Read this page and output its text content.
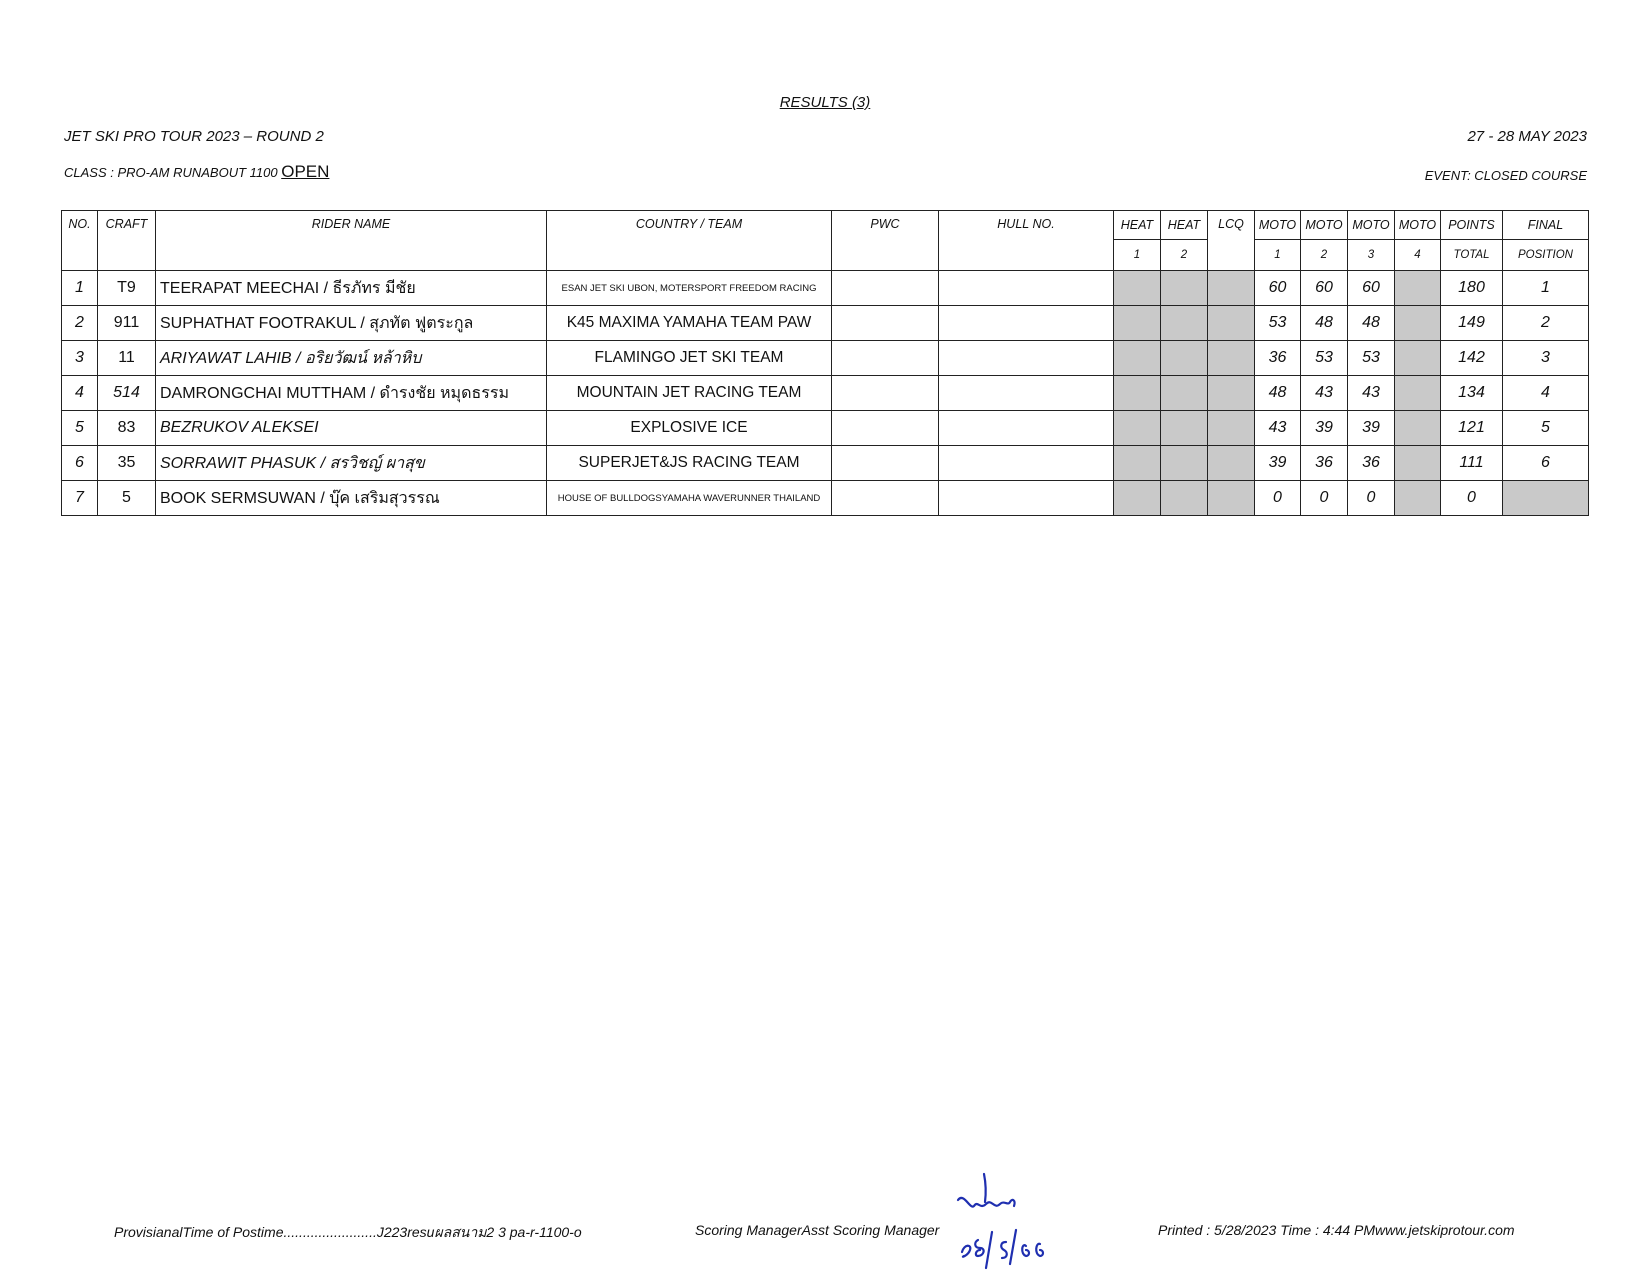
RESULTS (3)
JET SKI PRO TOUR 2023 – ROUND 2	27 - 28 MAY 2023
CLASS : PRO-AM RUNABOUT 1100 OPEN	EVENT: CLOSED COURSE
NO.	CRAFT	RIDER NAME	COUNTRY / TEAM	PWC	HULL NO.	HEAT	HEAT	LCQ	MOTO	MOTO	MOTO	MOTO	POINTS	FINAL
						1	2		1	2	3	4	TOTAL	POSITION
1	T9	TEERAPAT MEECHAI / ธีรภัทร มีชัย	ESAN JET SKI UBON, MOTERSPORT FREEDOM RACING						60	60	60		180	1
2	911	SUPHATHAT FOOTRAKUL / สุภทัต ฟูตระกูล	K45 MAXIMA YAMAHA TEAM PAW						53	48	48		149	2
3	11	ARIYAWAT LAHIB / อริยวัฒน์ หล้าหิบ	FLAMINGO JET SKI TEAM						36	53	53		142	3
4	514	DAMRONGCHAI MUTTHAM / ดำรงชัย หมุดธรรม	MOUNTAIN JET RACING TEAM						48	43	43		134	4
5	83	BEZRUKOV ALEKSEI	EXPLOSIVE ICE						43	39	39		121	5
6	35	SORRAWIT PHASUK / สรวิชญ์ ผาสุข	SUPERJET&JS RACING TEAM						39	36	36		111	6
7	5	BOOK SERMSUWAN / บุ๊ค เสริมสุวรรณ	HOUSE OF BULLDOGSYAMAHA WAVERUNNER THAILAND						0	0	0		0	
ProvisianalTime of Postime........................J223resuผลสนาม2 3 pa-r-1100-o	Scoring ManagerAsst Scoring Manager	Printed : 5/28/2023 Time : 4:44 PMwww.jetskiprotour.com
